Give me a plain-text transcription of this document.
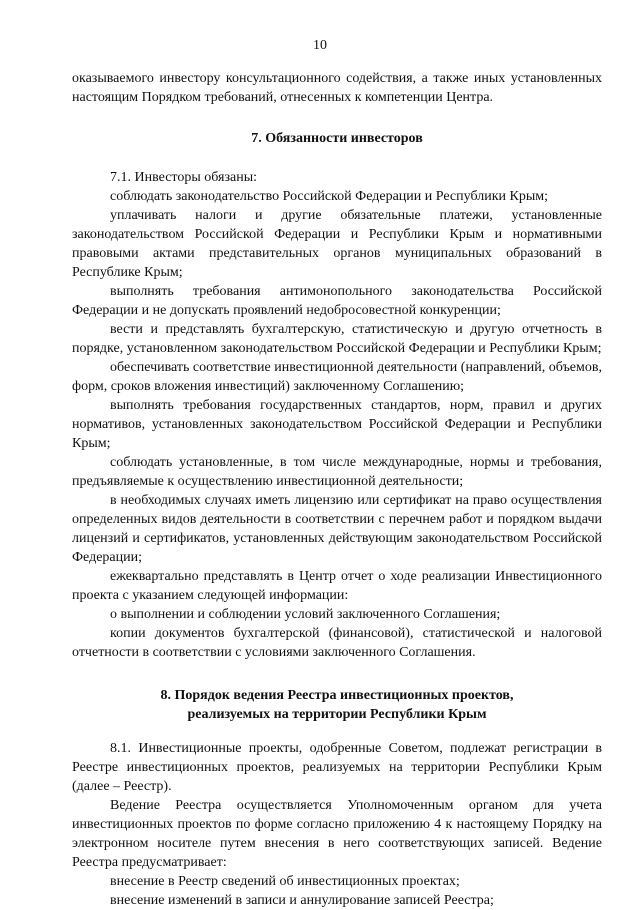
10

оказываемого инвестору консультационного содействия, а также иных установленных настоящим Порядком требований, отнесенных к компетенции Центра.

7. Обязанности инвесторов

7.1. Инвесторы обязаны:

соблюдать законодательство Российской Федерации и Республики Крым;

уплачивать налоги и другие обязательные платежи, установленные законодательством Российской Федерации и Республики Крым и нормативными правовыми актами представительных органов муниципальных образований в Республике Крым;

выполнять требования антимонопольного законодательства Российской Федерации и не допускать проявлений недобросовестной конкуренции;

вести и представлять бухгалтерскую, статистическую и другую отчетность в порядке, установленном законодательством Российской Федерации и Республики Крым;

обеспечивать соответствие инвестиционной деятельности (направлений, объемов, форм, сроков вложения инвестиций) заключенному Соглашению;

выполнять требования государственных стандартов, норм, правил и других нормативов, установленных законодательством Российской Федерации и Республики Крым;

соблюдать установленные, в том числе международные, нормы и требования, предъявляемые к осуществлению инвестиционной деятельности;

в необходимых случаях иметь лицензию или сертификат на право осуществления определенных видов деятельности в соответствии с перечнем работ и порядком выдачи лицензий и сертификатов, установленных действующим законодательством Российской Федерации;

ежеквартально представлять в Центр отчет о ходе реализации Инвестиционного проекта с указанием следующей информации:

о выполнении и соблюдении условий заключенного Соглашения;

копии документов бухгалтерской (финансовой), статистической и налоговой отчетности в соответствии с условиями заключенного Соглашения.

8. Порядок ведения Реестра инвестиционных проектов,
реализуемых на территории Республики Крым

8.1. Инвестиционные проекты, одобренные Советом, подлежат регистрации в Реестре инвестиционных проектов, реализуемых на территории Республики Крым (далее – Реестр).

Ведение Реестра осуществляется Уполномоченным органом для учета инвестиционных проектов по форме согласно приложению 4 к настоящему Порядку на электронном носителе путем внесения в него соответствующих записей. Ведение Реестра предусматривает:

внесение в Реестр сведений об инвестиционных проектах;

внесение изменений в записи и аннулирование записей Реестра;
